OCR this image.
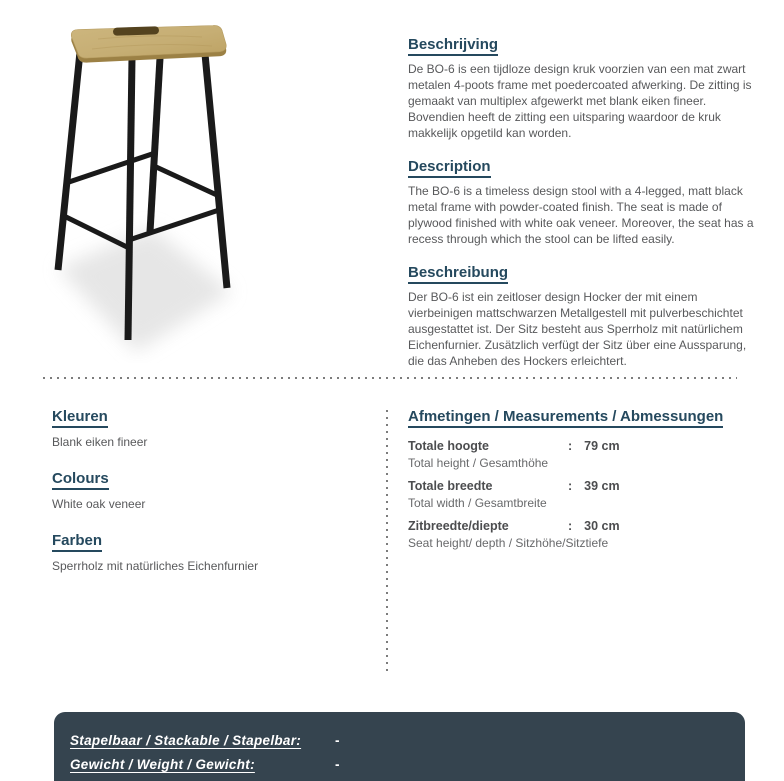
Beschrijving
De BO-6 is een tijdloze design kruk voorzien van een mat zwart metalen 4-poots frame met poedercoated afwerking. De zitting is gemaakt van multiplex afgewerkt met blank eiken fineer. Bovendien heeft de zitting een uitsparing waardoor de kruk makkelijk opgetild kan worden.
Description
The BO-6 is a timeless design stool with a 4-legged, matt black metal frame with powder-coated finish. The seat is made of plywood finished with white oak veneer. Moreover, the seat has a recess through which the stool can be lifted easily.
Beschreibung
Der BO-6 ist ein zeitloser design Hocker der mit einem vierbeinigen mattschwarzen Metallgestell mit pulverbeschichtet ausgestattet ist. Der Sitz besteht aus Sperrholz mit natürlichem Eichenfurnier. Zusätzlich verfügt der Sitz über eine Aussparung, die das Anheben des Hockers erleichtert.
Kleuren
Blank eiken fineer
Colours
White oak veneer
Farben
Sperrholz mit natürliches Eichenfurnier
Afmetingen / Measurements / Abmessungen
Totale hoogte	: 79 cm
Total height / Gesamthöhe
Totale breedte	: 39 cm
Total width / Gesamtbreite
Zitbreedte/diepte	: 30 cm
Seat height/ depth / Sitzhöhe/Sitztiefe
Stapelbaar / Stackable / Stapelbar:	-
Gewicht / Weight / Gewicht:	-
